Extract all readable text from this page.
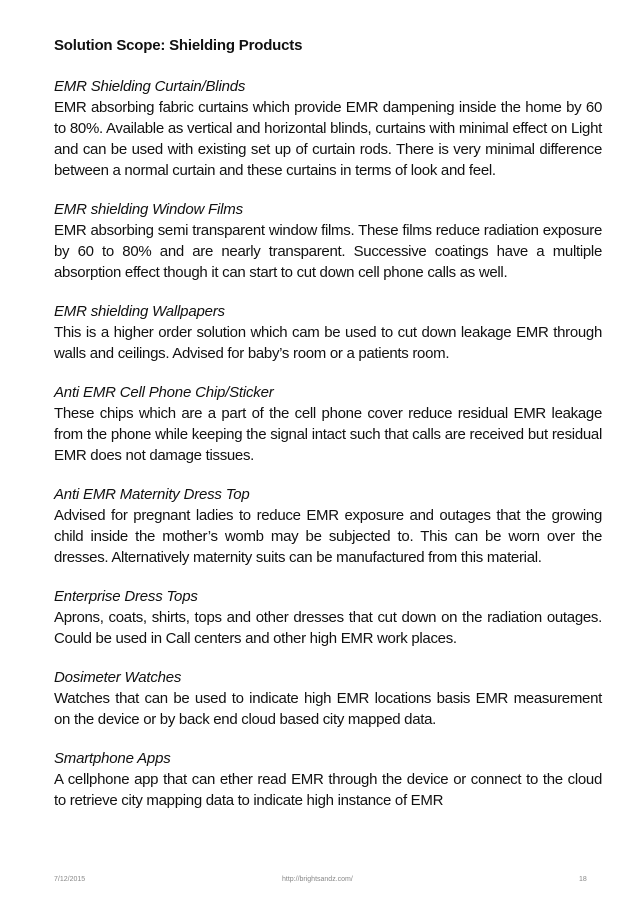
Solution Scope: Shielding Products

EMR Shielding Curtain/Blinds

EMR absorbing fabric curtains which provide EMR dampening inside the home by 60 to 80%. Available as vertical and horizontal blinds, curtains with minimal effect on Light and can be used with existing set up of curtain rods. There is very minimal difference between a normal curtain and these curtains in terms of look and feel.

EMR shielding Window Films

EMR absorbing semi transparent window films. These films reduce radiation exposure by 60 to 80% and are nearly transparent. Successive coatings have a multiple absorption effect though it can start to cut down cell phone calls as well.

EMR shielding Wallpapers

This is a higher order solution which cam be used to cut down leakage EMR through walls and ceilings. Advised for baby’s room or a patients room.

Anti EMR Cell Phone Chip/Sticker

These chips which are a part of the cell phone cover reduce residual EMR leakage from the phone while keeping the signal intact such that calls are received but residual EMR does not damage tissues.

Anti EMR Maternity Dress Top

Advised for pregnant ladies to reduce EMR exposure and outages that the growing child inside the mother’s womb may be subjected to. This can be worn over the dresses. Alternatively maternity suits can be manufactured from this material.

Enterprise Dress Tops

Aprons, coats, shirts, tops and other dresses that cut down on the radiation outages. Could be used in Call centers and other high EMR work places.

Dosimeter Watches

Watches that can be used to indicate high EMR locations basis EMR measurement on the device or by back end cloud based city mapped data.

Smartphone Apps

A cellphone app that can ether read EMR through the device or connect to the cloud to retrieve city mapping data to indicate high instance of EMR

7/12/2015	http://brightsandz.com/	18
